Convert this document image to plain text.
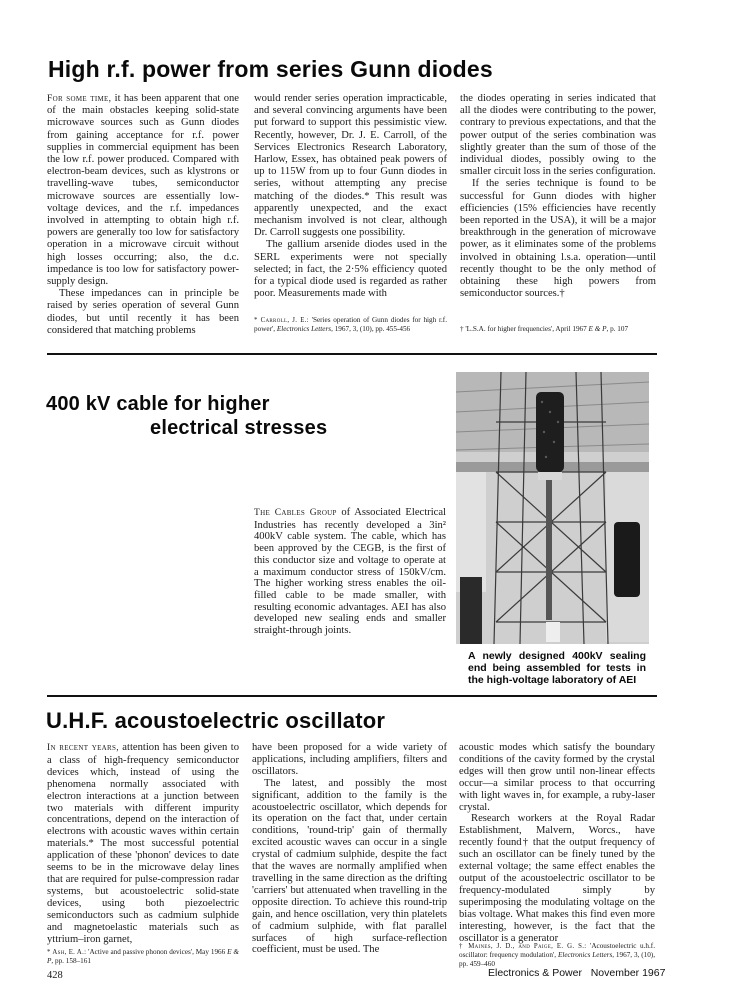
High r.f. power from series Gunn diodes

For some time, it has been apparent that one of the main obstacles keeping solid-state microwave sources such as Gunn diodes from gaining acceptance for r.f. power supplies in commercial equipment has been the low r.f. power produced. Compared with electron-beam devices, such as klystrons or travelling-wave tubes, semiconductor microwave sources are essentially low-voltage devices, and the r.f. impedances involved in attempting to obtain high r.f. powers are generally too low for satisfactory operation in a microwave circuit without high losses occurring; also, the d.c. impedance is too low for satisfactory power-supply design.

These impedances can in principle be raised by series operation of several Gunn diodes, but until recently it has been considered that matching problems

would render series operation impracticable, and several convincing arguments have been put forward to support this pessimistic view. Recently, however, Dr. J. E. Carroll, of the Services Electronics Research Laboratory, Harlow, Essex, has obtained peak powers of up to 115W from up to four Gunn diodes in series, without attempting any precise matching of the diodes.* This result was apparently unexpected, and the exact mechanism involved is not clear, although Dr. Carroll suggests one possibility.

The gallium arsenide diodes used in the SERL experiments were not specially selected; in fact, the 2·5% efficiency quoted for a typical diode used is regarded as rather poor. Measurements made with

* Carroll, J. E.: 'Series operation of Gunn diodes for high r.f. power', Electronics Letters, 1967, 3, (10), pp. 455-456

the diodes operating in series indicated that all the diodes were contributing to the power, contrary to previous expectations, and that the power output of the series combination was slightly greater than the sum of those of the individual diodes, possibly owing to the smaller circuit loss in the series configuration.

If the series technique is found to be successful for Gunn diodes with higher efficiencies (15% efficiencies have recently been reported in the USA), it will be a major breakthrough in the generation of microwave power, as it eliminates some of the problems involved in obtaining l.s.a. operation—until recently thought to be the only method of obtaining these high powers from semiconductor sources.†

† 'L.S.A. for higher frequencies', April 1967 E & P, p. 107
400 kV cable for higher
electrical stresses

The Cables Group of Associated Electrical Industries has recently developed a 3in² 400kV cable system. The cable, which has been approved by the CEGB, is the first of this conductor size and voltage to operate at a maximum conductor stress of 150kV/cm. The higher working stress enables the oil-filled cable to be made smaller, with resulting economic advantages. AEI has also developed new sealing ends and smaller straight-through joints.

A newly designed 400kV sealing end being assembled for tests in the high-voltage laboratory of AEI
U.H.F. acoustoelectric oscillator

In recent years, attention has been given to a class of high-frequency semiconductor devices which, instead of using the phenomena normally associated with electron interactions at a junction between two materials with different impurity concentrations, depend on the interaction of electrons with acoustic waves within certain materials.* The most successful potential application of these 'phonon' devices to date seems to be in the microwave delay lines that are required for pulse-compression radar systems, but acoustoelectric solid-state devices, using both piezoelectric semiconductors such as cadmium sulphide and magnetoelastic materials such as yttrium–iron garnet,

* Ash, E. A.: 'Active and passive phonon devices', May 1966 E & P, pp. 158–161

have been proposed for a wide variety of applications, including amplifiers, filters and oscillators.

The latest, and possibly the most significant, addition to the family is the acoustoelectric oscillator, which depends for its operation on the fact that, under certain conditions, 'round-trip' gain of thermally excited acoustic waves can occur in a single crystal of cadmium sulphide, despite the fact that the waves are normally amplified when travelling in the same direction as the drifting 'carriers' but attenuated when travelling in the opposite direction. To achieve this round-trip gain, and hence oscillation, very thin platelets of cadmium sulphide, with flat parallel surfaces of high surface-reflection coefficient, must be used. The

acoustic modes which satisfy the boundary conditions of the cavity formed by the crystal edges will then grow until non-linear effects occur—a similar process to that occurring with light waves in, for example, a ruby-laser crystal.

Research workers at the Royal Radar Establishment, Malvern, Worcs., have recently found† that the output frequency of such an oscillator can be finely tuned by the external voltage; the same effect enables the output of the acoustoelectric oscillator to be frequency-modulated simply by superimposing the modulating voltage on the bias voltage. What makes this find even more interesting, however, is the fact that the oscillator is a generator

† Maines, J. D., and Paige, E. G. S.: 'Acoustoelectric u.h.f. oscillator: frequency modulation', Electronics Letters, 1967, 3, (10), pp. 459–460
428	Electronics & Power November 1967
